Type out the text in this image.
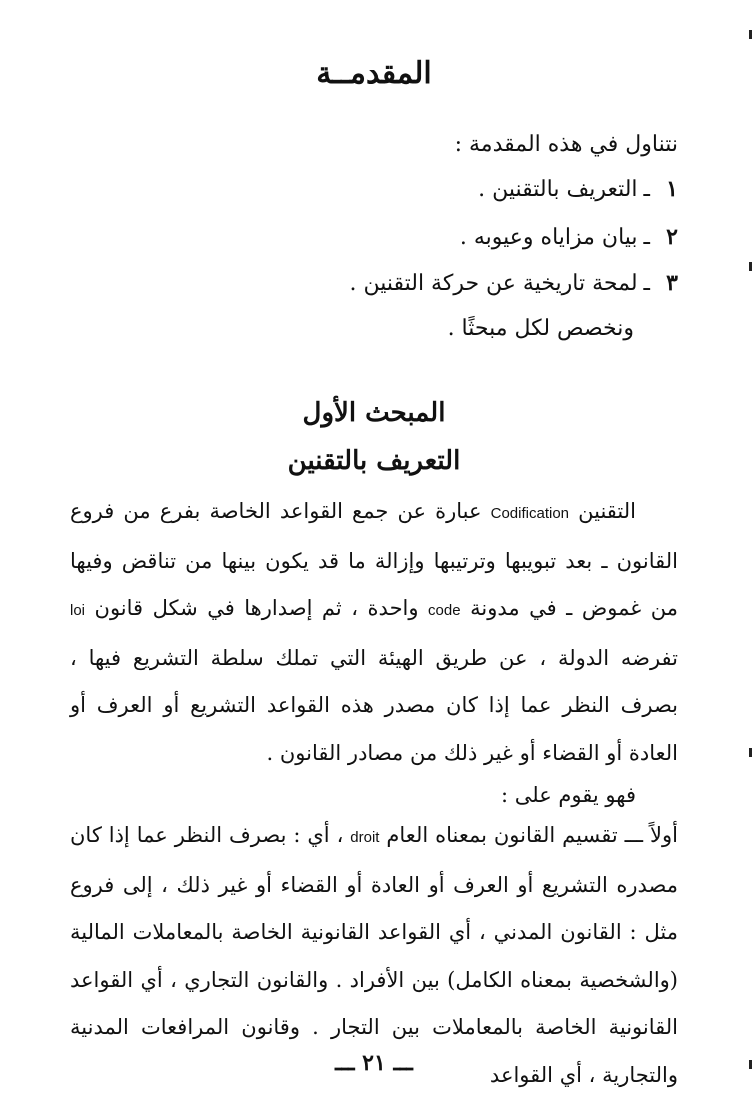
المقدمــة
نتناول في هذه المقدمة :
١ـالتعريف بالتقنين .
٢ـبيان مزاياه وعيوبه .
٣ـلمحة تاريخية عن حركة التقنين .
ونخصص لكل مبحثًا .
المبحث الأول
التعريف بالتقنين
التقنين Codification عبارة عن جمع القواعد الخاصة بفرع من فروع القانون ـ بعد تبويبها وترتيبها وإزالة ما قد يكون بينها من تناقض وفيها من غموض ـ في مدونة code واحدة ، ثم إصدارها في شكل قانون loi تفرضه الدولة ، عن طريق الهيئة التي تملك سلطة التشريع فيها ، بصرف النظر عما إذا كان مصدر هذه القواعد التشريع أو العرف أو العادة أو القضاء أو غير ذلك من مصادر القانون .
فهو يقوم على :
أولاً ـــ تقسيم القانون بمعناه العام droit ، أي : بصرف النظر عما إذا كان مصدره التشريع أو العرف أو العادة أو القضاء أو غير ذلك ، إلى فروع مثل : القانون المدني ، أي القواعد القانونية الخاصة بالمعاملات المالية (والشخصية بمعناه الكامل) بين الأفراد . والقانون التجاري ، أي القواعد القانونية الخاصة بالمعاملات بين التجار . وقانون المرافعات المدنية والتجارية ، أي القواعد
ـــ ٢١ ـــ
